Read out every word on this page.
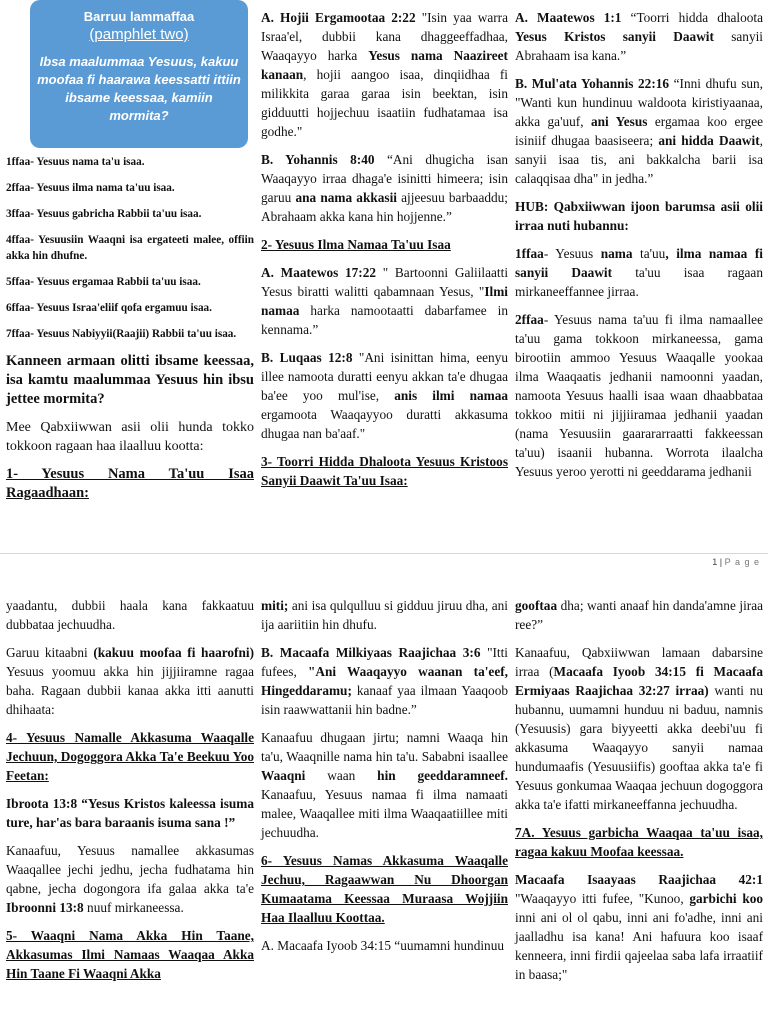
Barruu lammaffaa
(pamphlet two)
Ibsa maalummaa Yesuus, kakuu moofaa fi haarawa keessatti ittiin ibsame keessaa, kamiin mormita?
1ffaa- Yesuus nama ta'u isaa.
2ffaa- Yesuus ilma nama ta'uu isaa.
3ffaa- Yesuus gabricha Rabbii ta'uu isaa.
4ffaa- Yesuusiin Waaqni isa ergateeti malee, offiin akka hin dhufne.
5ffaa- Yesuus ergamaa Rabbii ta'uu isaa.
6ffaa- Yesuus Israa'eliif qofa ergamuu isaa.
7ffaa- Yesuus Nabiyyii(Raajii) Rabbii ta'uu isaa.

Kanneen armaan olitti ibsame keessaa, isa kamtu maalummaa Yesuus hin ibsu jettee mormita?

Mee Qabxiiwwan asii olii hunda tokko tokkoon ragaan haa ilaalluu kootta:

1- Yesuus Nama Ta'uu Isaa Ragaadhaan:

A. Hojii Ergamootaa 2:22 "Isin yaa warra Israa'el, dubbii kana dhaggeeffadhaa, Waaqayyo harka Yesus nama Naazireet kanaan, hojii aangoo isaa, dinqiidhaa fi milikkita garaa garaa isin beektan, isin gidduutti hojjechuu isaatiin fudhatamaa isa godhe."

B. Yohannis 8:40 “Ani dhugicha isan Waaqayyo irraa dhaga'e isinitti himeera; isin garuu ana nama akkasii ajjeesuu barbaaddu; Abrahaam akka kana hin hojjenne.”

2- Yesuus Ilma Namaa Ta'uu Isaa

A. Maatewos 17:22 " Bartoonni Galiilaatti Yesus biratti walitti qabamnaan Yesus, "Ilmi namaa harka namootaatti dabarfamee in kennama.”

B. Luqaas 12:8 "Ani isinittan hima, eenyu illee namoota duratti eenyu akkan ta'e dhugaa ba'ee yoo mul'ise, anis ilmi namaa ergamoota Waaqayyoo duratti akkasuma dhugaa nan ba'aaf."

3- Toorri Hidda Dhaloota Yesuus Kristoos Sanyii Daawit Ta'uu Isaa:

A. Maatewos 1:1 “Toorri hidda dhaloota Yesus Kristos sanyii Daawit sanyii Abrahaam isa kana.”

B. Mul'ata Yohannis 22:16 “Inni dhufu sun, "Wanti kun hundinuu waldoota kiristiyaanaa, akka ga'uuf, ani Yesus ergamaa koo ergee isiniif dhugaa baasiseera; ani hidda Daawit, sanyii isaa tis, ani bakkalcha barii isa calaqqisaa dha" in jedha.”

HUB: Qabxiiwwan ijoon barumsa asii olii irraa nuti hubannu:

1ffaa- Yesuus nama ta'uu, ilma namaa fi sanyii Daawit ta'uu isaa ragaan mirkaneeffannee jirraa.

2ffaa- Yesuus nama ta'uu fi ilma namaallee ta'uu gama tokkoon mirkaneessa, gama birootiin ammoo Yesuus Waaqalle yookaa ilma Waaqaatis jedhanii namoonni yaadan, namoota Yesuus haalli isaa waan dhaabbataa tokkoo mitii ni jijjiiramaa jedhanii yaadan (nama Yesuusiin gaarararraatti fakkeessan ta'uu) isaanii hubanna. Worrota ilaalcha Yesuus yeroo yerotti ni geeddarama jedhanii

1 | P a g e

yaadantu, dubbii haala kana fakkaatuu dubbataa jechuudha.

Garuu kitaabni (kakuu moofaa fi haarofni) Yesuus yoomuu akka hin jijjiiramne ragaa baha. Ragaan dubbii kanaa akka itti aanutti dhihaata:

4- Yesuus Namalle Akkasuma Waaqalle Jechuun, Dogoggora Akka Ta'e Beekuu Yoo Feetan:

Ibroota 13:8 “Yesus Kristos kaleessa isuma ture, har'as bara baraanis isuma sana !”

Kanaafuu, Yesuus namallee akkasumas Waaqallee jechi jedhu, jecha fudhatama hin qabne, jecha dogongora ifa galaa akka ta'e Ibroonni 13:8 nuuf mirkaneessa.

5- Waaqni Nama Akka Hin Taane, Akkasumas Ilmi Namaas Waaqaa Akka Hin Taane Fi Waaqni Akka

miti; ani isa qulqulluu si gidduu jiruu dha, ani ija aariitiin hin dhufu.

B. Macaafa Milkiyaas Raajichaa 3:6 "Itti fufees, "Ani Waaqayyo waanan ta'eef, Hingeddaramu; kanaaf yaa ilmaan Yaaqoob isin raawwattanii hin badne.”

Kanaafuu dhugaan jirtu; namni Waaqa hin ta'u, Waaqnille nama hin ta'u. Sababni isaallee Waaqni waan hin geeddaramneef. Kanaafuu, Yesuus namaa fi ilma namaati malee, Waaqallee miti ilma Waaqaatiillee miti jechuudha.

6- Yesuus Namas Akkasuma Waaqalle Jechuu, Ragaawwan Nu Dhoorgan Kumaatama Keessaa Muraasa Wojjiin Haa Ilaalluu Koottaa.

A. Macaafa Iyoob 34:15 “uumamni hundinuu

gooftaa dha; wanti anaaf hin danda'amne jiraa ree?”

Kanaafuu, Qabxiiwwan lamaan dabarsine irraa (Macaafa Iyoob 34:15 fi Macaafa Ermiyaas Raajichaa 32:27 irraa) wanti nu hubannu, uumamni hunduu ni baduu, namnis (Yesuusis) gara biyyeetti akka deebi'uu fi akkasuma Waaqayyo sanyii namaa hundumaafis (Yesuusiifis) gooftaa akka ta'e fi Yesuus gonkumaa Waaqaa jechuun dogoggora akka ta'e ifatti mirkaneeffanna jechuudha.

7A. Yesuus garbicha Waaqaa ta'uu isaa, ragaa kakuu Moofaa keessaa.

Macaafa Isaayaas Raajichaa 42:1 "Waaqayyo itti fufee, "Kunoo, garbichi koo inni ani ol ol qabu, inni ani fo'adhe, inni ani jaalladhu isa kana! Ani hafuura koo isaaf kenneera, inni firdii qajeelaa saba lafa irraatiif in baasa;"
